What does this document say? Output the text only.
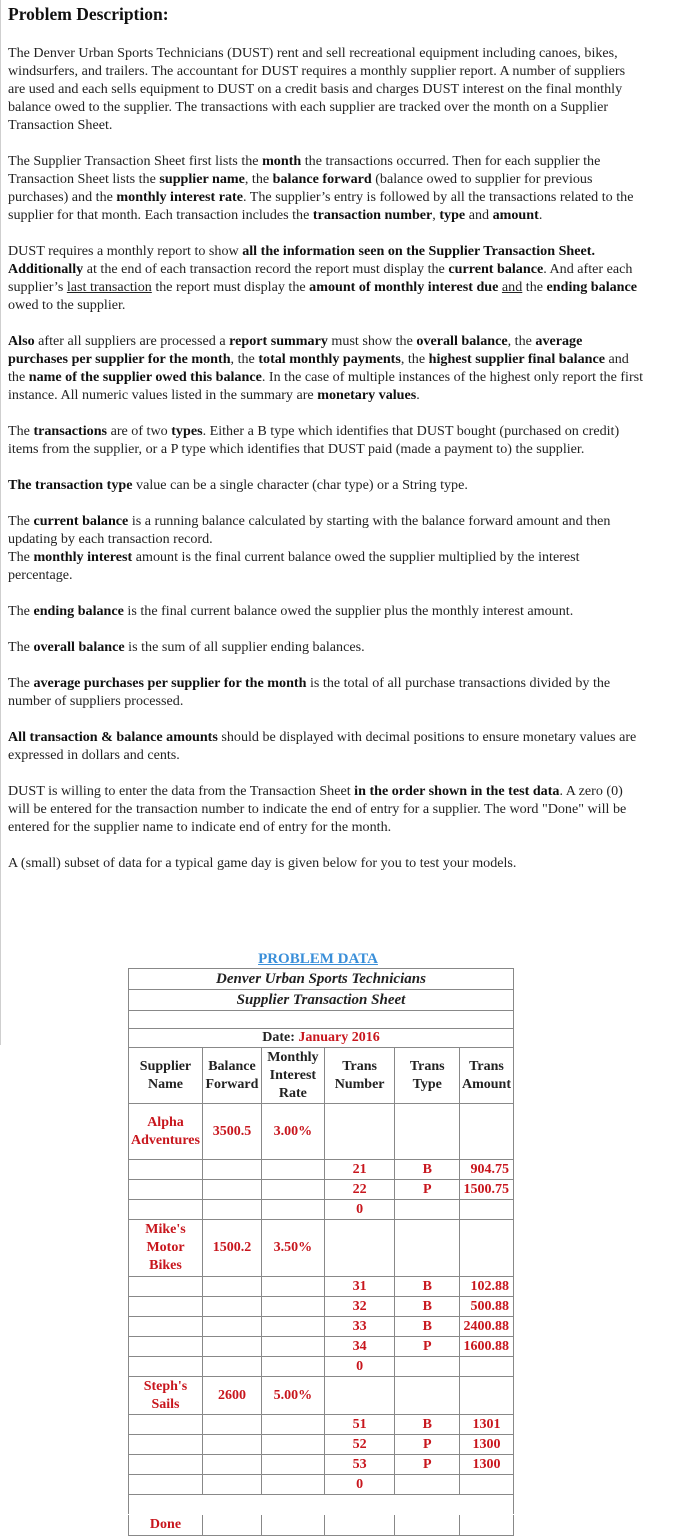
Problem Description:

The Denver Urban Sports Technicians (DUST) rent and sell recreational equipment including canoes, bikes, windsurfers, and trailers. The accountant for DUST requires a monthly supplier report. A number of suppliers are used and each sells equipment to DUST on a credit basis and charges DUST interest on the final monthly balance owed to the supplier. The transactions with each supplier are tracked over the month on a Supplier Transaction Sheet.

The Supplier Transaction Sheet first lists the month the transactions occurred. Then for each supplier the Transaction Sheet lists the supplier name, the balance forward (balance owed to supplier for previous purchases) and the monthly interest rate. The supplier’s entry is followed by all the transactions related to the supplier for that month. Each transaction includes the transaction number, type and amount.

DUST requires a monthly report to show all the information seen on the Supplier Transaction Sheet. Additionally at the end of each transaction record the report must display the current balance. And after each supplier’s last transaction the report must display the amount of monthly interest due and the ending balance owed to the supplier.

Also after all suppliers are processed a report summary must show the overall balance, the average purchases per supplier for the month, the total monthly payments, the highest supplier final balance and the name of the supplier owed this balance. In the case of multiple instances of the highest only report the first instance. All numeric values listed in the summary are monetary values.

The transactions are of two types. Either a B type which identifies that DUST bought (purchased on credit) items from the supplier, or a P type which identifies that DUST paid (made a payment to) the supplier.

The transaction type value can be a single character (char type) or a String type.

The current balance is a running balance calculated by starting with the balance forward amount and then updating by each transaction record.

The monthly interest amount is the final current balance owed the supplier multiplied by the interest percentage.

The ending balance is the final current balance owed the supplier plus the monthly interest amount.

The overall balance is the sum of all supplier ending balances.

The average purchases per supplier for the month is the total of all purchase transactions divided by the number of suppliers processed.

All transaction & balance amounts should be displayed with decimal positions to ensure monetary values are expressed in dollars and cents.

DUST is willing to enter the data from the Transaction Sheet in the order shown in the test data. A zero (0) will be entered for the transaction number to indicate the end of entry for a supplier. The word "Done" will be entered for the supplier name to indicate end of entry for the month.

A (small) subset of data for a typical game day is given below for you to test your models.

PROBLEM DATA
Denver Urban Sports Technicians					
Supplier Transaction Sheet					

Date: January 2016					
Supplier Name	Balance Forward	Monthly Interest Rate	Trans Number	Trans Type	Trans Amount
Alpha Adventures	3500.5	3.00%			
			21	B	904.75
			22	P	1500.75
			0		
Mike's Motor Bikes	1500.2	3.50%			
			31	B	102.88
			32	B	500.88
			33	B	2400.88
			34	P	1600.88
			0		
Steph's Sails	2600	5.00%			
			51	B	1301
			52	P	1300
			53	P	1300
			0		

Done					
